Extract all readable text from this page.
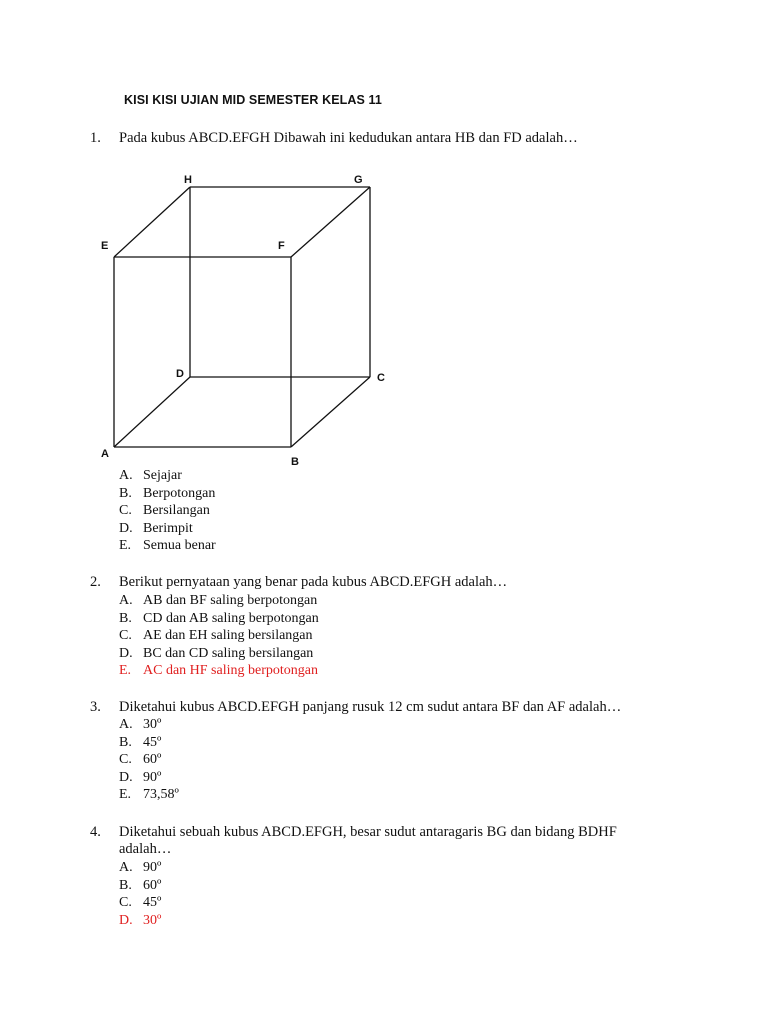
KISI KISI UJIAN MID SEMESTER KELAS 11
1. Pada kubus ABCD.EFGH Dibawah ini kedudukan antara HB dan FD adalah…
H	G
E	F
D	C
A
B
A. Sejajar
B. Berpotongan
C. Bersilangan
D. Berimpit
E. Semua benar
2. Berikut pernyataan yang benar pada kubus ABCD.EFGH adalah…
A. AB dan BF saling berpotongan
B. CD dan AB saling berpotongan
C. AE dan EH saling bersilangan
D. BC dan CD saling bersilangan
E. AC dan HF saling berpotongan
3. Diketahui kubus ABCD.EFGH panjang rusuk 12 cm sudut antara BF dan AF adalah…
A. 30º
B. 45º
C. 60º
D. 90º
E. 73,58º
4. Diketahui sebuah kubus ABCD.EFGH, besar sudut antaragaris BG dan bidang BDHF
adalah…
A. 90º
B. 60º
C. 45º
D. 30º
